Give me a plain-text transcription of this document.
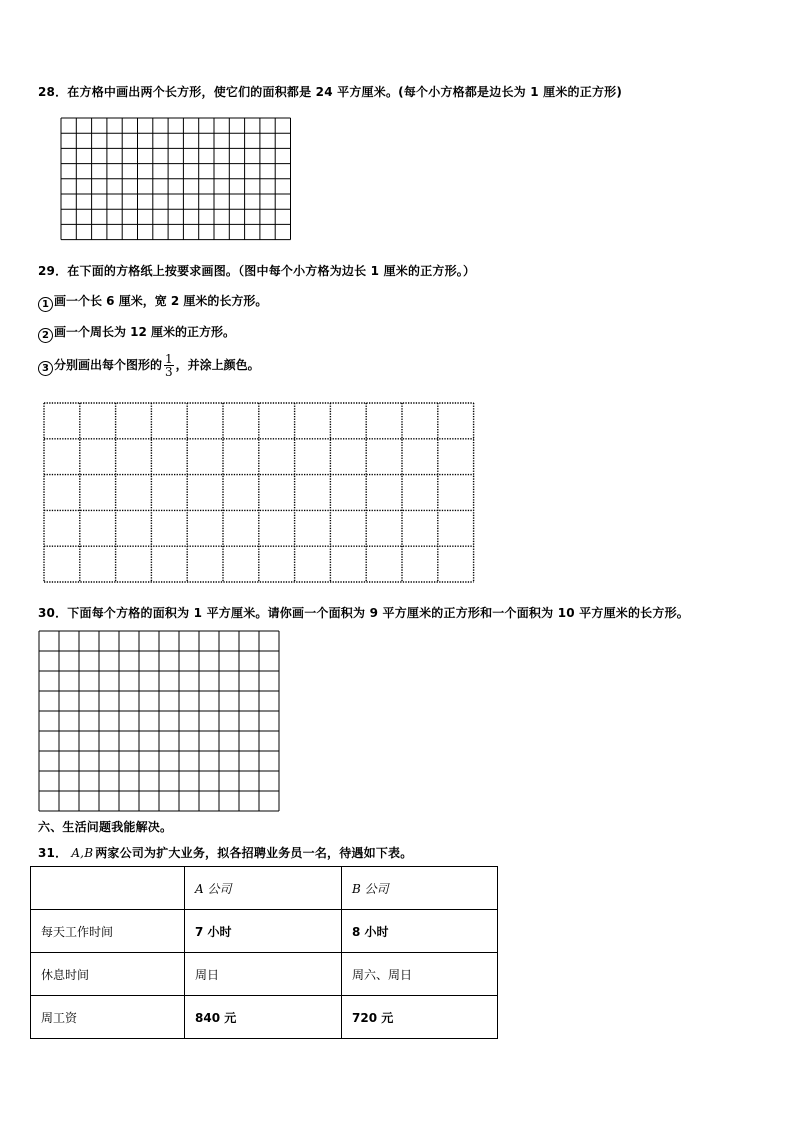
28．在方格中画出两个长方形，使它们的面积都是 24 平方厘米。(每个小方格都是边长为 1 厘米的正方形)
29．在下面的方格纸上按要求画图。（图中每个小方格为边长 1 厘米的正方形。）
1 画一个长 6 厘米，宽 2 厘米的长方形。
2 画一个周长为 12 厘米的正方形。
3 分别画出每个图形的 $\frac{1}{3}$ ，并涂上颜色。
30．下面每个方格的面积为 1 平方厘米。请你画一个面积为 9 平方厘米的正方形和一个面积为 10 平方厘米的长方形。
六、生活问题我能解决。
31． A,B 两家公司为扩大业务，拟各招聘业务员一名，待遇如下表。
	A 公司	B 公司
每天工作时间	7 小时	8 小时
休息时间	周日	周六、周日
周工资	840 元	720 元
